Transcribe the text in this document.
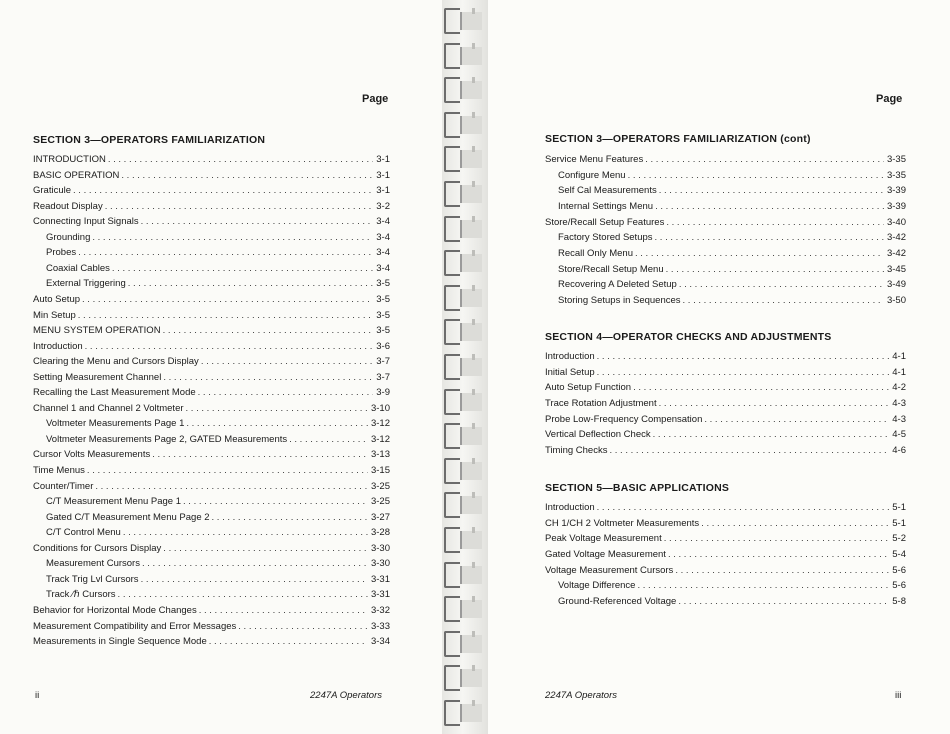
Page
SECTION 3—OPERATORS FAMILIARIZATION
INTRODUCTION . . .	3-1
BASIC OPERATION . . .	3-1
Graticule . . .	3-1
Readout Display . . .	3-2
Connecting Input Signals . . .	3-4
Grounding . . .	3-4
Probes . . .	3-4
Coaxial Cables . . .	3-4
External Triggering . . .	3-5
Auto Setup . . .	3-5
Min Setup . . .	3-5
MENU SYSTEM OPERATION . . .	3-5
Introduction . . .	3-6
Clearing the Menu and Cursors Display . . .	3-7
Setting Measurement Channel . . .	3-7
Recalling the Last Measurement Mode . . .	3-9
Channel 1 and Channel 2 Voltmeter . . .	3-10
Voltmeter Measurements Page 1 . . .	3-12
Voltmeter Measurements Page 2, GATED Measurements . . .	3-12
Cursor Volts Measurements . . .	3-13
Time Menus . . .	3-15
Counter/Timer . . .	3-25
C/T Measurement Menu Page 1 . . .	3-25
Gated C/T Measurement Menu Page 2 . . .	3-27
C/T Control Menu . . .	3-28
Conditions for Cursors Display . . .	3-30
Measurement Cursors . . .	3-30
Track Trig Lvl Cursors . . .	3-31
Track ∕ℏ Cursors . . .	3-31
Behavior for Horizontal Mode Changes . . .	3-32
Measurement Compatibility and Error Messages . . .	3-33
Measurements in Single Sequence Mode . . .	3-34
ii	2247A Operators
Page
SECTION 3—OPERATORS FAMILIARIZATION (cont)
Service Menu Features . . .	3-35
Configure Menu . . .	3-35
Self Cal Measurements . . .	3-39
Internal Settings Menu . . .	3-39
Store/Recall Setup Features . . .	3-40
Factory Stored Setups . . .	3-42
Recall Only Menu . . .	3-42
Store/Recall Setup Menu . . .	3-45
Recovering A Deleted Setup . . .	3-49
Storing Setups in Sequences . . .	3-50
SECTION 4—OPERATOR CHECKS AND ADJUSTMENTS
Introduction . . .	4-1
Initial Setup . . .	4-1
Auto Setup Function . . .	4-2
Trace Rotation Adjustment . . .	4-3
Probe Low-Frequency Compensation . . .	4-3
Vertical Deflection Check . . .	4-5
Timing Checks . . .	4-6
SECTION 5—BASIC APPLICATIONS
Introduction . . .	5-1
CH 1/CH 2 Voltmeter Measurements . . .	5-1
Peak Voltage Measurement . . .	5-2
Gated Voltage Measurement . . .	5-4
Voltage Measurement Cursors . . .	5-6
Voltage Difference . . .	5-6
Ground-Referenced Voltage . . .	5-8
2247A Operators	iii
